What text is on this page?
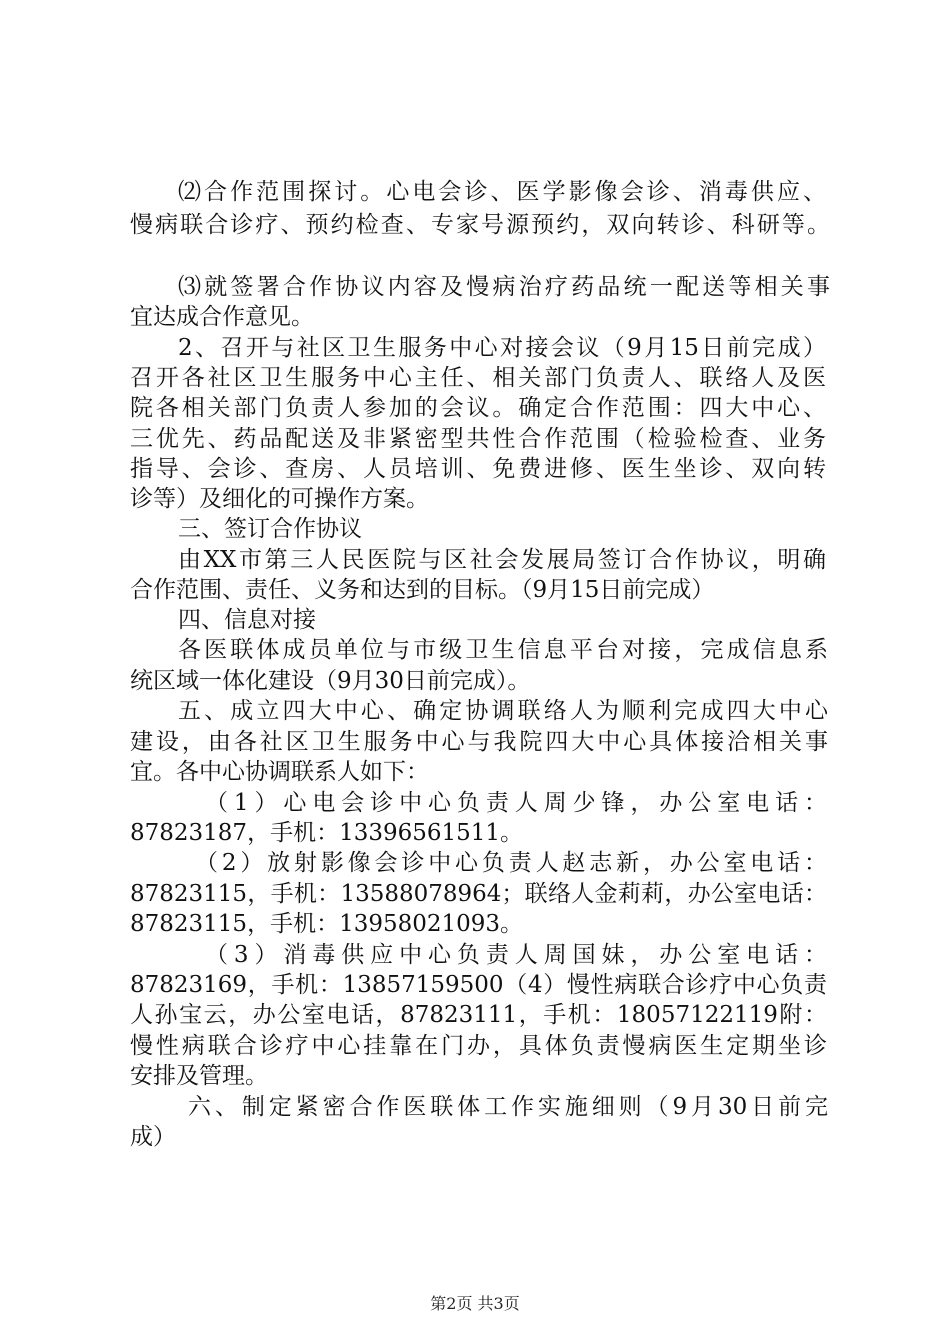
⑵合作范围探讨。心电会诊、医学影像会诊、消毒供应、
慢病联合诊疗、预约检查、专家号源预约，双向转诊、科研等。
⑶就签署合作协议内容及慢病治疗药品统一配送等相关事
宜达成合作意见。
2、召开与社区卫生服务中心对接会议（9月15日前完成）
召开各社区卫生服务中心主任、相关部门负责人、联络人及医
院各相关部门负责人参加的会议。确定合作范围：四大中心、
三优先、药品配送及非紧密型共性合作范围（检验检查、业务
指导、会诊、查房、人员培训、免费进修、医生坐诊、双向转
诊等）及细化的可操作方案。
三、签订合作协议
由XX市第三人民医院与区社会发展局签订合作协议，明确
合作范围、责任、义务和达到的目标。（9月15日前完成）
四、信息对接
各医联体成员单位与市级卫生信息平台对接，完成信息系
统区域一体化建设（9月30日前完成）。
五、成立四大中心、确定协调联络人为顺利完成四大中心
建设，由各社区卫生服务中心与我院四大中心具体接洽相关事
宜。各中心协调联系人如下：
（1）心电会诊中心负责人周少锋，办公室电话：
87823187，手机：13396561511。
（2）放射影像会诊中心负责人赵志新，办公室电话：
87823115，手机：13588078964；联络人金莉莉，办公室电话：
87823115，手机：13958021093。
（3）消毒供应中心负责人周国妹，办公室电话：
87823169，手机：13857159500（4）慢性病联合诊疗中心负责
人孙宝云，办公室电话，87823111，手机：18057122119附：
慢性病联合诊疗中心挂靠在门办，具体负责慢病医生定期坐诊
安排及管理。
六、制定紧密合作医联体工作实施细则（9月30日前完
成）
第2页 共3页
